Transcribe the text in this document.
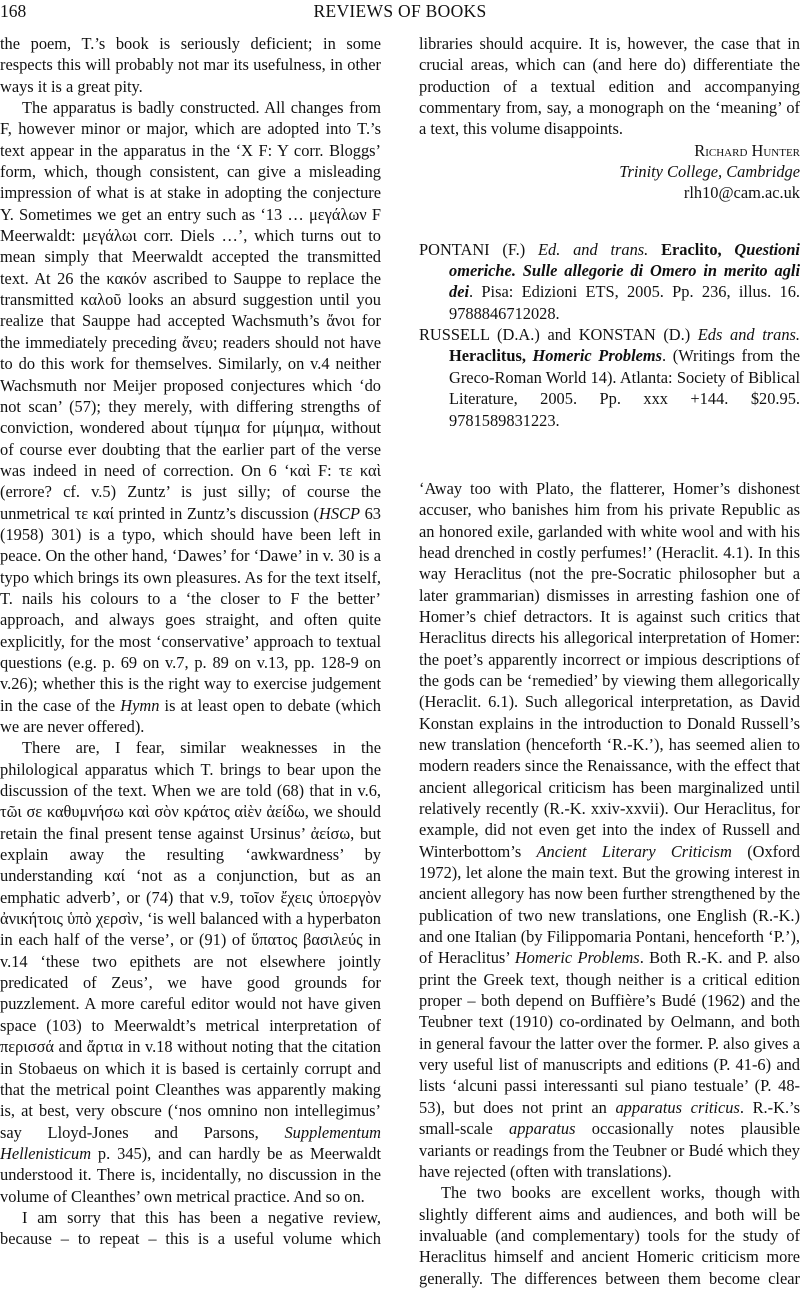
168	REVIEWS OF BOOKS

the poem, T.’s book is seriously deficient; in some respects this will probably not mar its usefulness, in other ways it is a great pity.

The apparatus is badly constructed. All changes from F, however minor or major, which are adopted into T.’s text appear in the apparatus in the ‘X F: Y corr. Bloggs’ form, which, though consistent, can give a misleading impression of what is at stake in adopting the conjecture Y. Sometimes we get an entry such as ‘13 … μεγάλων F Meerwaldt: μεγάλωι corr. Diels …’, which turns out to mean simply that Meerwaldt accepted the transmitted text. At 26 the κακόν ascribed to Sauppe to replace the transmitted καλοῦ looks an absurd suggestion until you realize that Sauppe had accepted Wachsmuth’s ἄνοι for the immediately preceding ἄνευ; readers should not have to do this work for themselves. Similarly, on v.4 neither Wachsmuth nor Meijer proposed conjectures which ‘do not scan’ (57); they merely, with differing strengths of conviction, wondered about τίμημα for μίμημα, without of course ever doubting that the earlier part of the verse was indeed in need of correction. On 6 ‘καὶ F: τε καὶ (errore? cf. v.5) Zuntz’ is just silly; of course the unmetrical τε καί printed in Zuntz’s discussion (HSCP 63 (1958) 301) is a typo, which should have been left in peace. On the other hand, ‘Dawes’ for ‘Dawe’ in v. 30 is a typo which brings its own pleasures. As for the text itself, T. nails his colours to a ‘the closer to F the better’ approach, and always goes straight, and often quite explicitly, for the most ‘conservative’ approach to textual questions (e.g. p. 69 on v.7, p. 89 on v.13, pp. 128-9 on v.26); whether this is the right way to exercise judgement in the case of the Hymn is at least open to debate (which we are never offered).

There are, I fear, similar weaknesses in the philological apparatus which T. brings to bear upon the discussion of the text. When we are told (68) that in v.6, τῶι σε καθυμνήσω καὶ σὸν κράτος αἰὲν ἀείδω, we should retain the final present tense against Ursinus’ ἀείσω, but explain away the resulting ‘awkwardness’ by understanding καί ‘not as a conjunction, but as an emphatic adverb’, or (74) that v.9, τοῖον ἔχεις ὑποεργὸν ἀνικήτοις ὑπὸ χερσὶν, ‘is well balanced with a hyperbaton in each half of the verse’, or (91) of ὕπατος βασιλεύς in v.14 ‘these two epithets are not elsewhere jointly predicated of Zeus’, we have good grounds for puzzlement. A more careful editor would not have given space (103) to Meerwaldt’s metrical interpretation of περισσά and ἄρτια in v.18 without noting that the citation in Stobaeus on which it is based is certainly corrupt and that the metrical point Cleanthes was apparently making is, at best, very obscure (‘nos omnino non intellegimus’ say Lloyd-Jones and Parsons, Supplementum Hellenisticum p. 345), and can hardly be as Meerwaldt understood it. There is, incidentally, no discussion in the volume of Cleanthes’ own metrical practice. And so on.

I am sorry that this has been a negative review, because – to repeat – this is a useful volume which

libraries should acquire. It is, however, the case that in crucial areas, which can (and here do) differentiate the production of a textual edition and accompanying commentary from, say, a monograph on the ‘meaning’ of a text, this volume disappoints.

Richard Hunter

Trinity College, Cambridge

rlh10@cam.ac.uk

PONTANI (F.) Ed. and trans. Eraclito, Questioni omeriche. Sulle allegorie di Omero in merito agli dei. Pisa: Edizioni ETS, 2005. Pp. 236, illus. 16. 9788846712028.

RUSSELL (D.A.) and KONSTAN (D.) Eds and trans. Heraclitus, Homeric Problems. (Writings from the Greco-Roman World 14). Atlanta: Society of Biblical Literature, 2005. Pp. xxx +144. $20.95. 9781589831223.

‘Away too with Plato, the flatterer, Homer’s dishonest accuser, who banishes him from his private Republic as an honored exile, garlanded with white wool and with his head drenched in costly perfumes!’ (Heraclit. 4.1). In this way Heraclitus (not the pre-Socratic philosopher but a later grammarian) dismisses in arresting fashion one of Homer’s chief detractors. It is against such critics that Heraclitus directs his allegorical interpretation of Homer: the poet’s apparently incorrect or impious descriptions of the gods can be ‘remedied’ by viewing them allegorically (Heraclit. 6.1). Such allegorical interpretation, as David Konstan explains in the introduction to Donald Russell’s new translation (henceforth ‘R.-K.’), has seemed alien to modern readers since the Renaissance, with the effect that ancient allegorical criticism has been marginalized until relatively recently (R.-K. xxiv-xxvii). Our Heraclitus, for example, did not even get into the index of Russell and Winterbottom’s Ancient Literary Criticism (Oxford 1972), let alone the main text. But the growing interest in ancient allegory has now been further strengthened by the publication of two new translations, one English (R.-K.) and one Italian (by Filippomaria Pontani, henceforth ‘P.’), of Heraclitus’ Homeric Problems. Both R.-K. and P. also print the Greek text, though neither is a critical edition proper – both depend on Buffière’s Budé (1962) and the Teubner text (1910) co-ordinated by Oelmann, and both in general favour the latter over the former. P. also gives a very useful list of manuscripts and editions (P. 41-6) and lists ‘alcuni passi interessanti sul piano testuale’ (P. 48-53), but does not print an apparatus criticus. R.-K.’s small-scale apparatus occasionally notes plausible variants or readings from the Teubner or Budé which they have rejected (often with translations).

The two books are excellent works, though with slightly different aims and audiences, and both will be invaluable (and complementary) tools for the study of Heraclitus himself and ancient Homeric criticism more generally. The differences between them become clear
